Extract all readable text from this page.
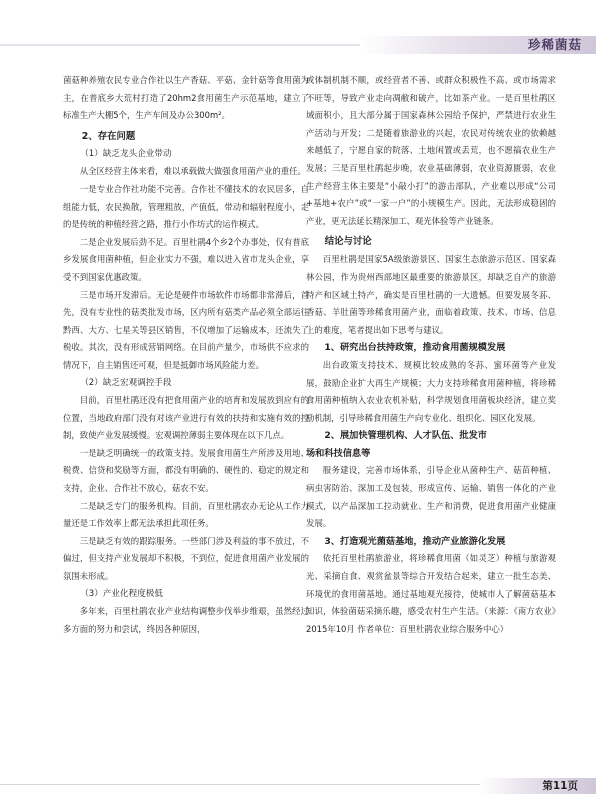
珍稀菌菇
菌菇种养殖农民专业合作社以生产香菇、平菇、金针菇等食用菌为主，在普底乡大荒村打造了20hm2食用菌生产示范基地，建立了标准生产大棚5个，生产车间及办公300m²。
2、存在问题
（1）缺乏龙头企业带动
从全区经营主体来看，难以承载做大做强食用菌产业的重任。
一是专业合作社功能不完善。合作社不懂技术的农民居多，自组能力低，农民换散，管理粗放，产值低，带动和辐射程度小，走的是传统的种植经营之路，推行小作坊式的运作模式。
二是企业发展后劲不足。百里杜鹃4个乡2个办事处，仅有普底乡发展食用菌种植，但企业实力不强，难以进入省市龙头企业，享受不到国家优惠政策。
三是市场开发滞后。无论是硬件市场软件市场都非常滞后，首先，没有专业性的菇类批发市场，区内所有菇类产品必须全部运往黔西、大方、七星关等县区销售，不仅增加了运输成本，还流失了税收。其次，没有形成营销网络。在目前产量少，市场供不应求的情况下，自主销售还可观，但是抵御市场风险能力差。
（2）缺乏宏观调控手段
目前，百里杜鹃还没有把食用菌产业的培育和发展放到应有的位置，当地政府部门没有对该产业进行有效的扶持和实施有效的控制，致使产业发展缓慢。宏观调控薄弱主要体现在以下几点。
一是缺乏明确统一的政策支持。发展食用菌生产所涉及用地、税费、信贷和奖励等方面，都没有明确的、硬性的、稳定的规定和支持，企业、合作社不放心，菇农不安。
二是缺乏专门的服务机构。目前，百里杜鹃农办无论从工作力量还是工作效率上都无法承担此项任务。
三是缺乏有效的跟踪服务。一些部门涉及利益的事不放过，不偏过，但支持产业发展却不积极，不到位，促进食用菌产业发展的氛围未形成。
（3）产业化程度极低
多年来，百里杜鹃农业产业结构调整步伐举步维艰，虽然经过多方面的努力和尝试，终因各种原因，
或体制机制不顺，或经营者不善、或群众积极性不高、或市场需求不旺等，导致产业走向凋敝和破产，比如茶产业。一是百里杜鹃区域面积小，且大部分属于国家森林公园给予保护，严禁进行农业生产活动与开发；二是随着旅游业的兴起，农民对传统农业的依赖越来越低了，宁愿自家的院落、土地闲置或丢荒，也不愿搞农业生产发展；三是百里杜鹃起步晚，农业基础薄弱，农业资源匮弱，农业生产经营主体主要是“小敲小打”的游击部队，产业难以形成“公司+基地+农户”或“一家一户”的小规模生产。因此，无法形成稳固的产业，更无法延长精深加工、观光体验等产业链条。
结论与讨论
百里杜鹃是国家5A级旅游景区、国家生态旅游示范区、国家森林公园，作为贵州西部地区最重要的旅游景区，却缺乏自产的旅游特产和区域土特产，确实是百里杜鹃的一大遗憾。但要发展冬荪、香菇、羊肚菌等珍稀食用菌产业，面临着政策、技术、市场、信息上的难度，笔者提出如下思考与建议。
1、研究出台扶持政策，推动食用菌规模发展
出台政策支持技术、规模比较成熟的冬荪、蜜环菌等产业发展，鼓励企业扩大再生产规模；大力支持珍稀食用菌种植，将珍稀食用菌种植纳入农业农机补贴，科学规划食用菌板块经济，建立奖励机制，引导珍稀食用菌生产向专业化、组织化、园区化发展。
2、展加快管理机构、人才队伍、批发市
场和科技信息等
服务建设，完善市场体系，引导企业从菌种生产、菇苗种植、病虫害防治、深加工及包装，形成宣传、运输、销售一体化的产业模式，以产品深加工拉动就业、生产和消费，促进食用菌产业健康发展。
3、打造观光菌菇基地，推动产业旅游化发展
依托百里杜鹃旅游业，将珍稀食用菌（如灵芝）种植与旅游观光、采摘自食、观赏盆景等综合开发结合起来，建立一批生态美、环境优的食用菌基地。通过基地观光接待，使城市人了解菌菇基本知识，体验菌菇采摘乐趣，感受农村生产生活。（来源：《南方农业》2015年10月 作者单位：百里杜鹃农业综合服务中心）
第11页
